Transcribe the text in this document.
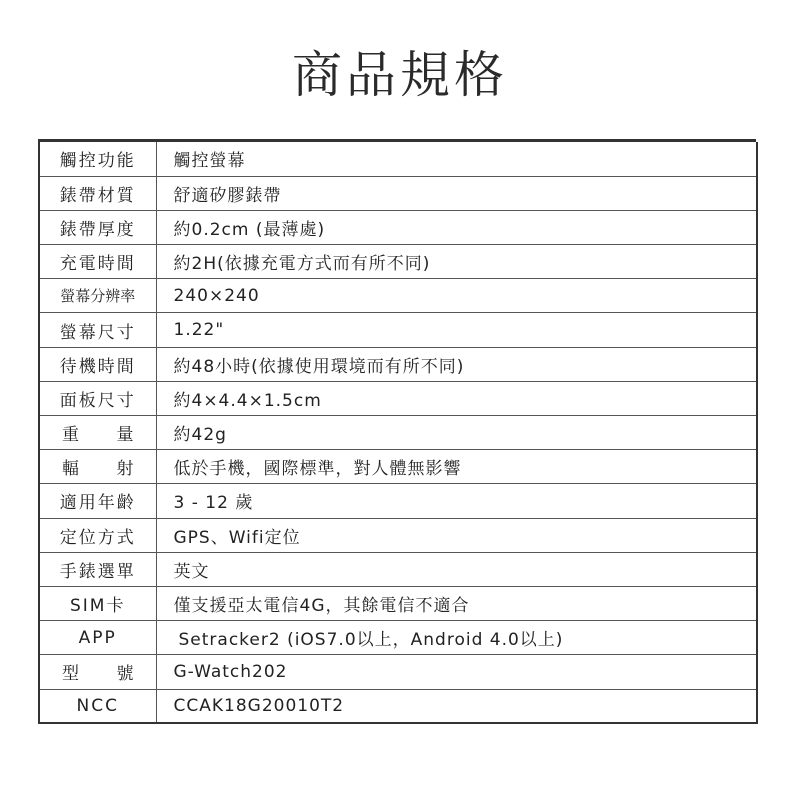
商品規格
觸控功能	觸控螢幕
錶帶材質	舒適矽膠錶帶
錶帶厚度	約0.2cm (最薄處)
充電時間	約2H(依據充電方式而有所不同)
螢幕分辨率	240×240
螢幕尺寸	1.22"
待機時間	約48小時(依據使用環境而有所不同)
面板尺寸	約4×4.4×1.5cm

重 量	約42g

輻 射	低於手機，國際標準，對人體無影響
適用年齡	3 - 12 歲
定位方式	GPS、Wifi定位
手錶選單	英文
SIM卡	僅支援亞太電信4G，其餘電信不適合
APP	Setracker2 (iOS7.0以上，Android 4.0以上)

型 號	G-Watch202
NCC	CCAK18G20010T2
